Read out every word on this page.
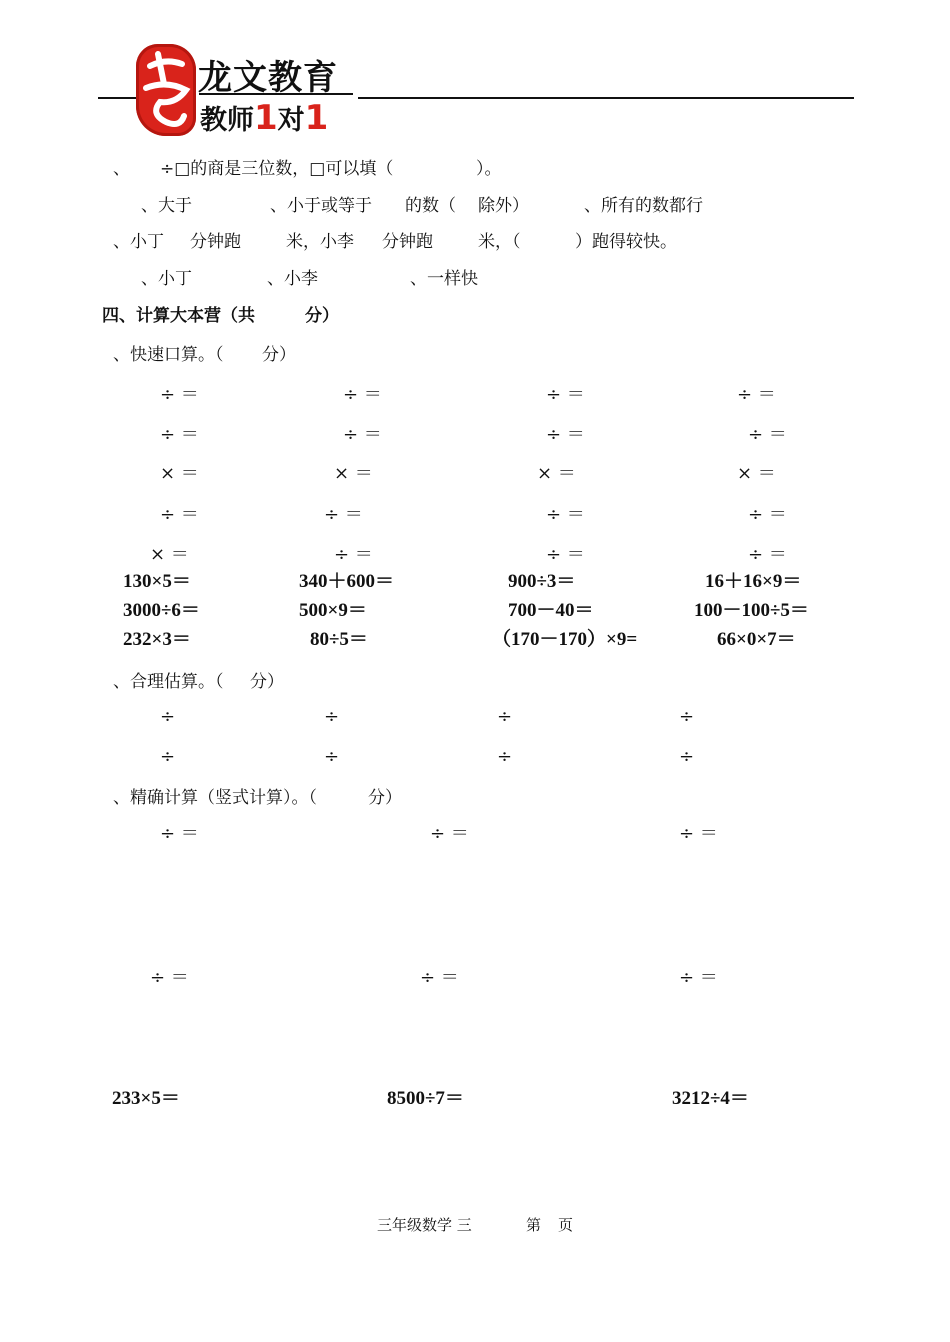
龙文教育
教师1对1
、 ÷□的商是三位数，□可以填（	）。
、大于	、小于或等于 的数（ 除外）	、所有的数都行
、小丁 分钟跑	米，小李 分钟跑	米，（	）跑得较快。
、小丁	、小李	、一样快
四、计算大本营（共	分）
、快速口算。（ 分）
÷ ＝	÷ ＝	÷ ＝	÷ ＝
÷ ＝	÷ ＝	÷ ＝	÷ ＝
× ＝	× ＝	× ＝	× ＝
÷ ＝	÷ ＝	÷ ＝	÷ ＝
× ＝	÷ ＝	÷ ＝	÷ ＝
130×5＝	340＋600＝	900÷3＝	16＋16×9＝
3000÷6＝	500×9＝	700－40＝	100－100÷5＝
232×3＝	80÷5＝	（170－170）×9=	66×0×7＝
、合理估算。（ 分）
÷	÷	÷	÷
÷	÷	÷	÷
、精确计算（竖式计算）。（	分）
÷ ＝	÷ ＝	÷ ＝
÷ ＝	÷ ＝	÷ ＝
233×5＝	8500÷7＝	3212÷4＝
三年级数学 三	第 页
